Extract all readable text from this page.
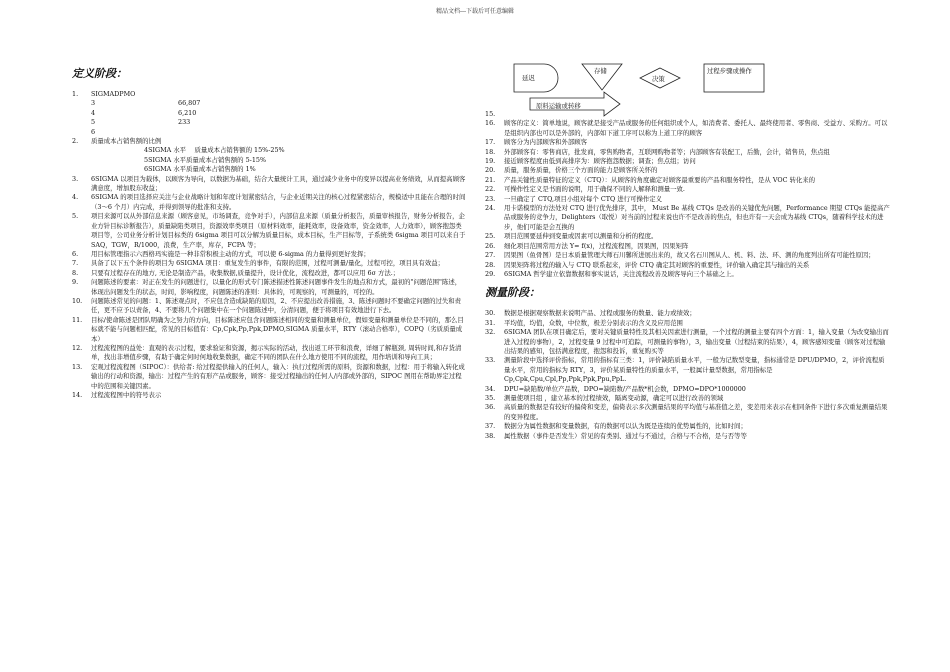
精品文档---下载后可任意编辑
延迟
存储
决策
过程步骤或操作
原料运输或转移
定义阶段：
1.	SIGMADPMO
3	66,807
4	6,210
5	233
6
2.	质量成本占销售额的比例
4SIGMA 水平　 质量成本占销售额的 15%-25%
5SIGMA 水平质量成本占销售额的 5-15%
6SIGMA 水平质量成本占销售额的 1%
3.	6SIGMA 以项目为载体，以顾客为导向，以数据为基础，结合大量统计工具，通过减少业务中的变异以提高业务绩效，从而提高顾客满意度，增加股东收益；
4.	6SIGMA 的项目选择应关注与企业战略计划和年度计划紧密结合，与企业近期关注的核心过程紧密结合，规模适中且能在合理的时间（3～6 个月）内完成，并得到领导的批准和支持。
5.	项目来源可以从外部信息来源（顾客意见，市场调查，竞争对手），内部信息来源（质量分析报告，质量审核报告，财务分析报告，企业方针目标诊断报告），质量缺陷类项目，资源效率类项目（原材料效率，能耗效率，设备效率，资金效率，人力效率），顾客抱怨类项目等，公司业务分析计划目标类的 6sigma 项目可以分解为质量目标，成本目标，生产目标等，子系统类 6sigma 项目可以来自于 SAQ，TGW，R/1000，浪费，生产率，库存，FCPA 等；
6.	用目标管理指示六西格玛实施是一种非常积极主动的方式，可以使 6-sigma 的力量得到更好发挥；
7.	具备了以下五个条件的项目为 6SIGMA 项目：重复发生的事件，有限的范围，过程可测量/量化，过程可控，项目具有效益；
8.	只要有过程存在的地方, 无论是制造产品，收集数据,质量提升，设计优化，流程改进，都可以应用 6σ 方法.；
9.	问题陈述的要素：对正在发生的问题进行，以量化的形式专门陈述描述性陈述问题事件发生的地点和方式，最初的"问题范围"陈述，体现出问题发生的状态，时间，影响程度，问题陈述的准则：具体的，可观察的，可测量的，可控的。
10.	问题陈述常见的问题：1、陈述观点时，不应包含造成缺陷的原因，2、不应提出改善措施，3、陈述问题时不要确定问题的过失和责任，更不应予以责备，4、不要将几个问题集中在一个问题陈述中，分清问题，便于将项目有效地进行下去。
11.	目标/使命陈述是团队明确为之努力的方向，目标陈述应包含问题陈述相同的变量和测量单位，假如变量和测量单位是不同的，那么目标就不能与问题相匹配，常见的目标值有：Cp,Cpk,Pp,Ppk,DPMO,SIGMA 质量水平，RTY（滚动合格率），COPQ（劣质质量成本）
12.	过程流程图的益处：直观的表示过程，要求验证和资源，揭示实际的活动，找出返工环节和浪费，详细了解瓶颈, 周转时间,和存货清单，找出非增值步骤，有助于确定何时何地收集数据，确定不同的团队在什么地方使用不同的流程，用作培训和导向工具；
13.	宏观过程流程图（SIPOC）：供给者: 给过程提供输入的任何人，输入：执行过程所需的原料，资源和数据，过程：用于将输入转化成输出的行动和资源，输出：过程产生的有形产品或服务，顾客：接受过程输出的任何人/内部或外部的，SIPOC 图用在帮助界定过程中的范围和关键因素。
14.	过程流程图中的符号表示
15.
16.	顾客的定义：简单地说，顾客就是接受产品或服务的任何组织或个人，如消费者、委托人、最终使用者、零售商、受益方、采购方。可以是组织内部也可以是外部的，内部如下道工序可以称为上道工序的顾客
17.	顾客分为内部顾客和外部顾客
18.	外部顾客有：零售商店，批发商，零售购物者，互联网购物者等；内部顾客有装配工，后勤，会计，销售员，焦点组
19.	接近顾客程度由低到高排序为：顾客抱怨数据；调查；焦点组；访问
20.	质量，服务质量，价格三个方面的能力是顾客所关怀的
21.	产品关键性质量特征的定义（CTQ）：从顾客的角度确定对顾客最重要的产品和服务特性，是从 VOC 转化来的
22.	可操作性定义是书面的说明，用于确保不同的人解释和测量一致.
23.	一旦确定了 CTQ,项目小组对每个 CTQ 进行可操作定义
24.	用卡诺模型的方法处对 CTQ 进行优先排序，其中， Must Be 基线 CTQs 是改善的关键优先问题，Performance 期望 CTQs 能提高产品或服务的竞争力，Delighters（取悦）对当前的过程来说也许不是改善的焦点，但也许有一天会成为基线 CTQs，随着科学技术的进步，他们可能是会互换的
25.	项目范围要延伸到变量或因素可以测量和分析的程度。
26.	细化项目范围常用方法 Y= f(x)，过程流程图，因果图，因果矩阵
27.	因果图（鱼骨图）是日本质量管理大师石川馨所进展出来的，故又名石川图从人、机、料、法、环、测的角度列出所有可能性原因；
28.	因果矩阵将过程的输入与 CTQ 联系起来，评价 CTQ 确定其对顾客的重要性，评价输入确定其与输出的关系
29.	6SIGMA 哲学建立依靠数据和事实说话，关注流程改善及顾客导向三个基础之上。
测量阶段：
30.	数据是根据观察数据来说明产品、过程或服务的数量、能力或绩效；
31.	平均值，均值，众数，中位数，极差分别表示的含义及应用范围
32.	6SIGMA 团队在项目确定后，要对关键质量特性及其相关因素进行测量，一个过程的测量主要有四个方面：1，输入变量（为改变输出而进入过程的事物），2，过程变量 9 过程中可追踪，可测量的事物），3，输出变量（过程结束的结果），4，顾客感知变量（顾客对过程输出结果的感知，包括满意程度，抱怨和投诉，重复购买等
33.	测量阶段中选择评价指标，常用的指标有三类：1，评价缺陷质量水平，一般为记数型变量，指标通常是 DPU/DPMO，2，评价流程质量水平，常用的指标为 RTY，3，评价某质量特性的质量水平，一般属计量型数据，常用指标是 Cp,Cpk,Cpu,Cpl,Pp,Ppk,Ppk,Ppu,PpL.
34.	DPU=缺陷数/单位产品数，DPO=缺陷数/产品数*机会数，DPMO=DPO*1000000
35.	测量使项目组 ，建立基本的过程绩效，隔离变动源，确定可以进行改善的领域
36.	高质量的数据是有较好的偏倚和变差，偏倚表示多次测量结果的平均值与基准值之差，变差用来表示在相同条件下进行多次重复测量结果的变异程度。
37.	数据分为属性数据和变量数据，有的数据可以认为既是连续的优势属性的，比如时间；
38.	属性数据（事件是否发生）常见的有类别、通过与不通过，合格与不合格，是与否等等
